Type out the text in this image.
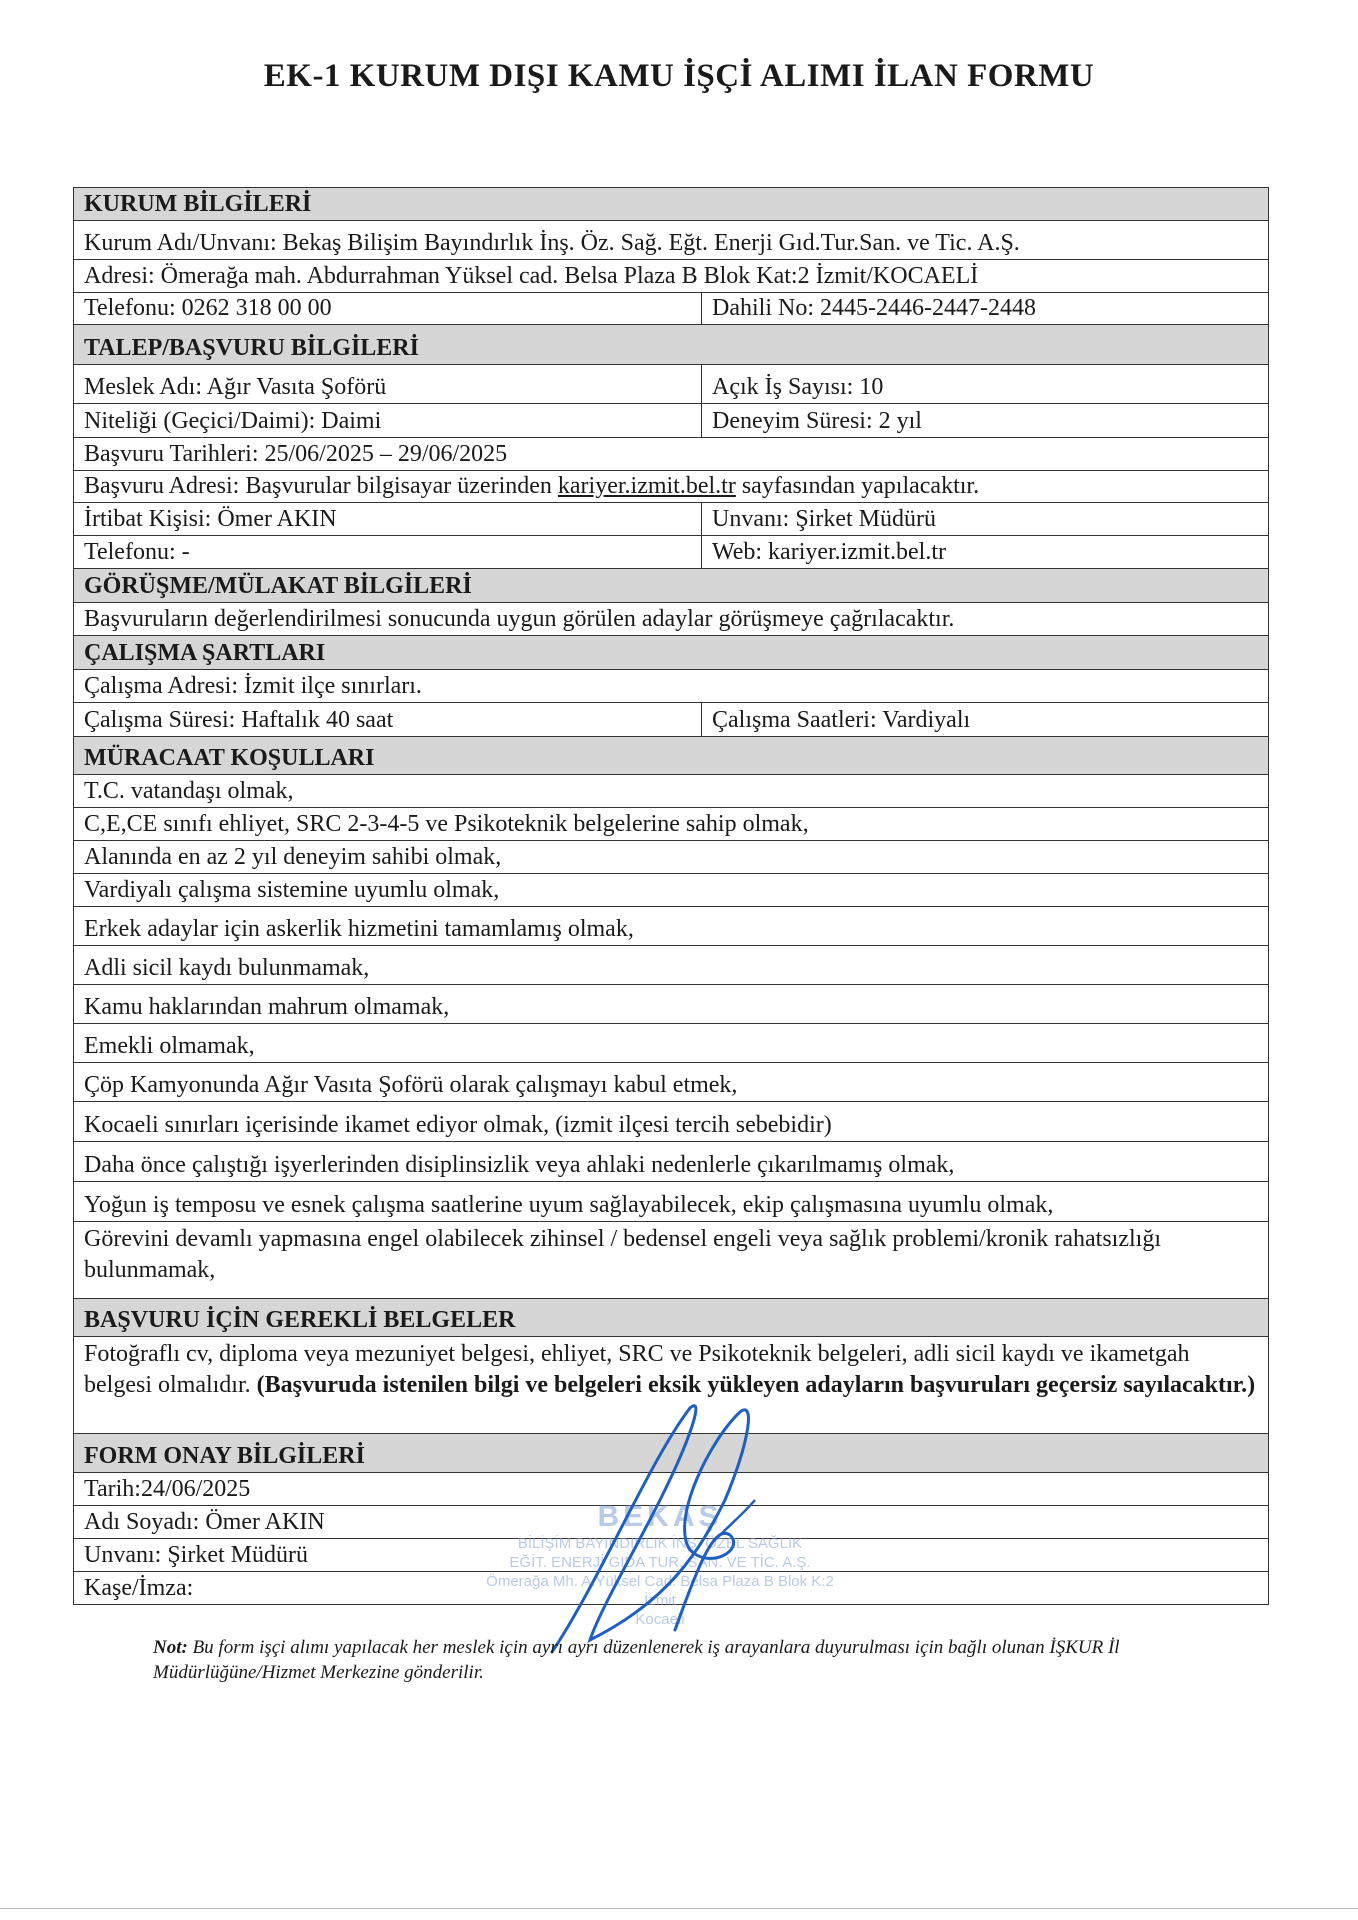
EK-1 KURUM DIŞI KAMU İŞÇİ ALIMI İLAN FORMU
KURUM BİLGİLERİ
Kurum Adı/Unvanı: Bekaş Bilişim Bayındırlık İnş. Öz. Sağ. Eğt. Enerji Gıd.Tur.San. ve Tic. A.Ş.
Adresi: Ömerağa mah. Abdurrahman Yüksel cad. Belsa Plaza B Blok Kat:2 İzmit/KOCAELİ
Telefonu: 0262 318 00 00	Dahili No: 2445-2446-2447-2448
TALEP/BAŞVURU BİLGİLERİ
Meslek Adı: Ağır Vasıta Şoförü	Açık İş Sayısı: 10
Niteliği (Geçici/Daimi): Daimi	Deneyim Süresi: 2 yıl
Başvuru Tarihleri: 25/06/2025 – 29/06/2025
Başvuru Adresi: Başvurular bilgisayar üzerinden kariyer.izmit.bel.tr sayfasından yapılacaktır.
İrtibat Kişisi: Ömer AKIN	Unvanı: Şirket Müdürü
Telefonu: -	Web: kariyer.izmit.bel.tr
GÖRÜŞME/MÜLAKAT BİLGİLERİ
Başvuruların değerlendirilmesi sonucunda uygun görülen adaylar görüşmeye çağrılacaktır.
ÇALIŞMA ŞARTLARI
Çalışma Adresi: İzmit ilçe sınırları.
Çalışma Süresi: Haftalık 40 saat	Çalışma Saatleri: Vardiyalı
MÜRACAAT KOŞULLARI
T.C. vatandaşı olmak,
C,E,CE sınıfı ehliyet, SRC 2-3-4-5 ve Psikoteknik belgelerine sahip olmak,
Alanında en az 2 yıl deneyim sahibi olmak,
Vardiyalı çalışma sistemine uyumlu olmak,
Erkek adaylar için askerlik hizmetini tamamlamış olmak,
Adli sicil kaydı bulunmamak,
Kamu haklarından mahrum olmamak,
Emekli olmamak,
Çöp Kamyonunda Ağır Vasıta Şoförü olarak çalışmayı kabul etmek,
Kocaeli sınırları içerisinde ikamet ediyor olmak, (izmit ilçesi tercih sebebidir)
Daha önce çalıştığı işyerlerinden disiplinsizlik veya ahlaki nedenlerle çıkarılmamış olmak,
Yoğun iş temposu ve esnek çalışma saatlerine uyum sağlayabilecek, ekip çalışmasına uyumlu olmak,
Görevini devamlı yapmasına engel olabilecek zihinsel / bedensel engeli veya sağlık problemi/kronik rahatsızlığı bulunmamak,
BAŞVURU İÇİN GEREKLİ BELGELER
Fotoğraflı cv, diploma veya mezuniyet belgesi, ehliyet, SRC ve Psikoteknik belgeleri, adli sicil kaydı ve ikametgah belgesi olmalıdır. (Başvuruda istenilen bilgi ve belgeleri eksik yükleyen adayların başvuruları geçersiz sayılacaktır.)
FORM ONAY BİLGİLERİ
Tarih:24/06/2025
Adı Soyadı: Ömer AKIN
Unvanı: Şirket Müdürü
Kaşe/İmza:
BEKAŞ
BİLİŞİM BAYINDIRLIK İNŞ. ÖZEL SAĞLIK
EĞİT. ENERJİ GIDA TUR. SAN. VE TİC. A.Ş.
Ömerağa Mh. A.Yüksel Cad. Belsa Plaza B Blok K:2
İzmit
Kocaeli
Not: Bu form işçi alımı yapılacak her meslek için ayrı ayrı düzenlenerek iş arayanlara duyurulması için bağlı olunan İŞKUR İl Müdürlüğüne/Hizmet Merkezine gönderilir.
